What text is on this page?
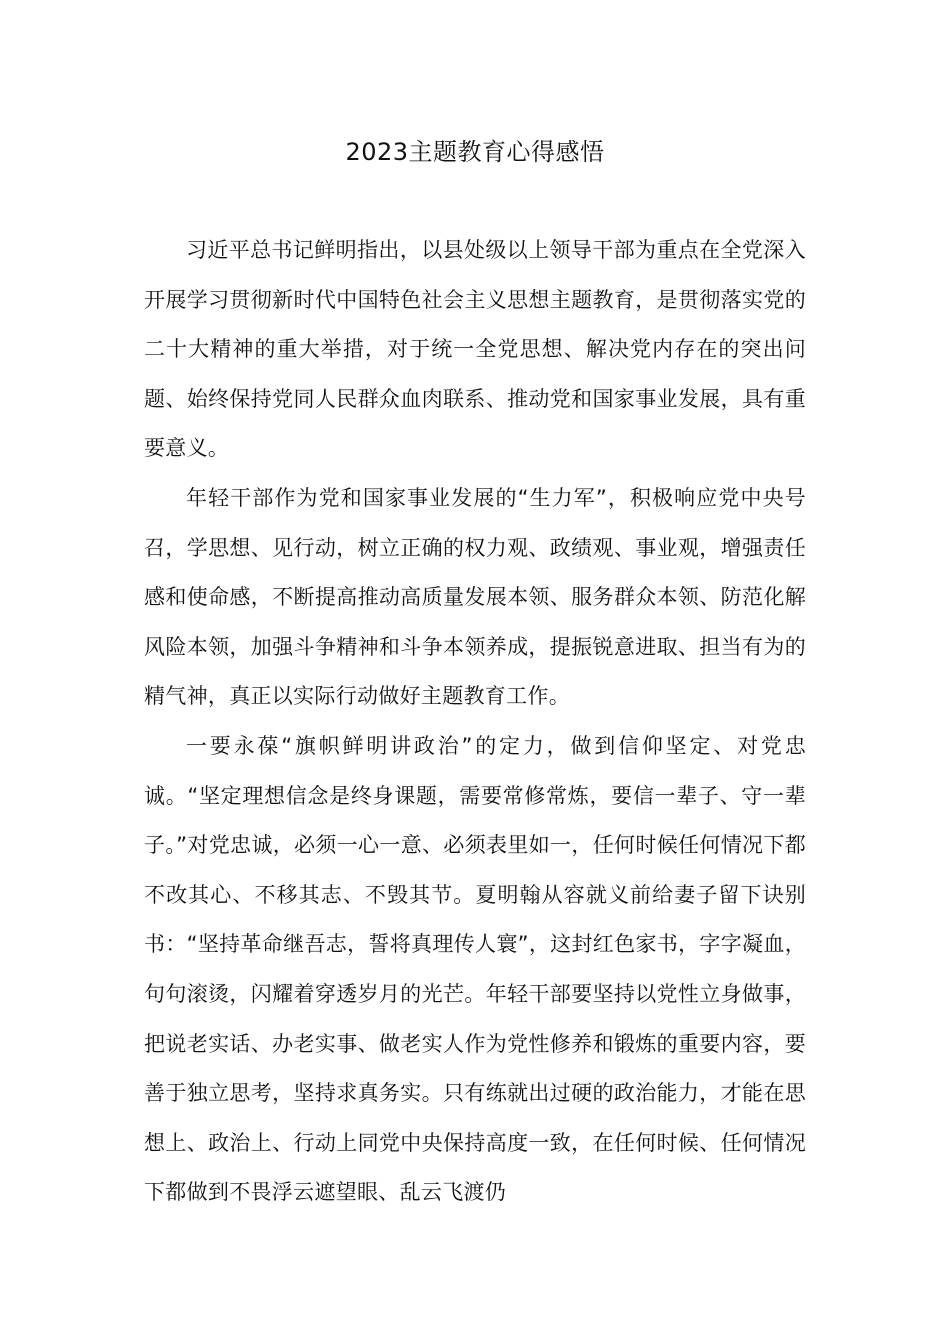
2023主题教育心得感悟

习近平总书记鲜明指出，以县处级以上领导干部为重点在全党深入开展学习贯彻新时代中国特色社会主义思想主题教育，是贯彻落实党的二十大精神的重大举措，对于统一全党思想、解决党内存在的突出问题、始终保持党同人民群众血肉联系、推动党和国家事业发展，具有重要意义。

年轻干部作为党和国家事业发展的“生力军”，积极响应党中央号召，学思想、见行动，树立正确的权力观、政绩观、事业观，增强责任感和使命感，不断提高推动高质量发展本领、服务群众本领、防范化解风险本领，加强斗争精神和斗争本领养成，提振锐意进取、担当有为的精气神，真正以实际行动做好主题教育工作。

一要永葆“旗帜鲜明讲政治”的定力，做到信仰坚定、对党忠诚。“坚定理想信念是终身课题，需要常修常炼，要信一辈子、守一辈子。”对党忠诚，必须一心一意、必须表里如一，任何时候任何情况下都不改其心、不移其志、不毁其节。夏明翰从容就义前给妻子留下诀别书：“坚持革命继吾志，誓将真理传人寰”，这封红色家书，字字凝血，句句滚烫，闪耀着穿透岁月的光芒。年轻干部要坚持以党性立身做事，把说老实话、办老实事、做老实人作为党性修养和锻炼的重要内容，要善于独立思考，坚持求真务实。只有练就出过硬的政治能力，才能在思想上、政治上、行动上同党中央保持高度一致，在任何时候、任何情况下都做到不畏浮云遮望眼、乱云飞渡仍
